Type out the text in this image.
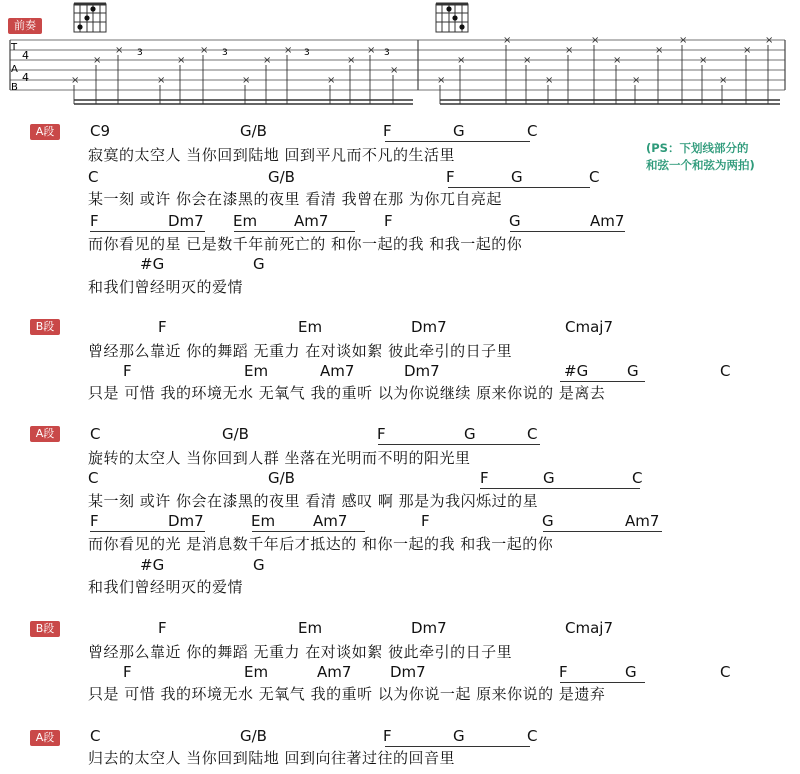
前奏
T
A
B
4
4	×
×
×
×
×
×
×
×
×
×
×
×
×
×
×
×
×
×
×
×
×
×
×
×
×
×
×
×
3	3	3	3
(PS：下划线部分的
和弦一个和弦为两拍)
A段	C9	G/B	F	G	C
寂寞的太空人 当你回到陆地 回到平凡而不凡的生活里
C	G/B	F	G	C
某一刻 或许 你会在漆黑的夜里 看清 我曾在那 为你兀自亮起
F	Dm7 Em Am7	F	G	Am7
而你看见的星 已是数千年前死亡的 和你一起的我 和我一起的你
#G	G
和我们曾经明灭的爱情
B段	F	Em	Dm7	Cmaj7
曾经那么靠近 你的舞蹈 无重力 在对谈如絮 彼此牵引的日子里
F	Em	Am7	Dm7	#G	G	C
只是 可惜 我的环境无水 无氧气 我的重听 以为你说继续 原来你说的 是离去
A段	C	G/B	F	G	C
旋转的太空人 当你回到人群 坐落在光明而不明的阳光里
C	G/B	F	G	C
某一刻 或许 你会在漆黑的夜里 看清 感叹 啊 那是为我闪烁过的星
F	Dm7	Em	Am7	F	G	Am7
而你看见的光 是消息数千年后才抵达的 和你一起的我 和我一起的你
#G	G
和我们曾经明灭的爱情
B段	F	Em	Dm7	Cmaj7
曾经那么靠近 你的舞蹈 无重力 在对谈如絮 彼此牵引的日子里
F	Em	Am7	Dm7	F	G	C
只是 可惜 我的环境无水 无氧气 我的重听 以为你说一起 原来你说的 是遗弃
A段	C	G/B	F	G	C
归去的太空人 当你回到陆地 回到向往著过往的回音里
